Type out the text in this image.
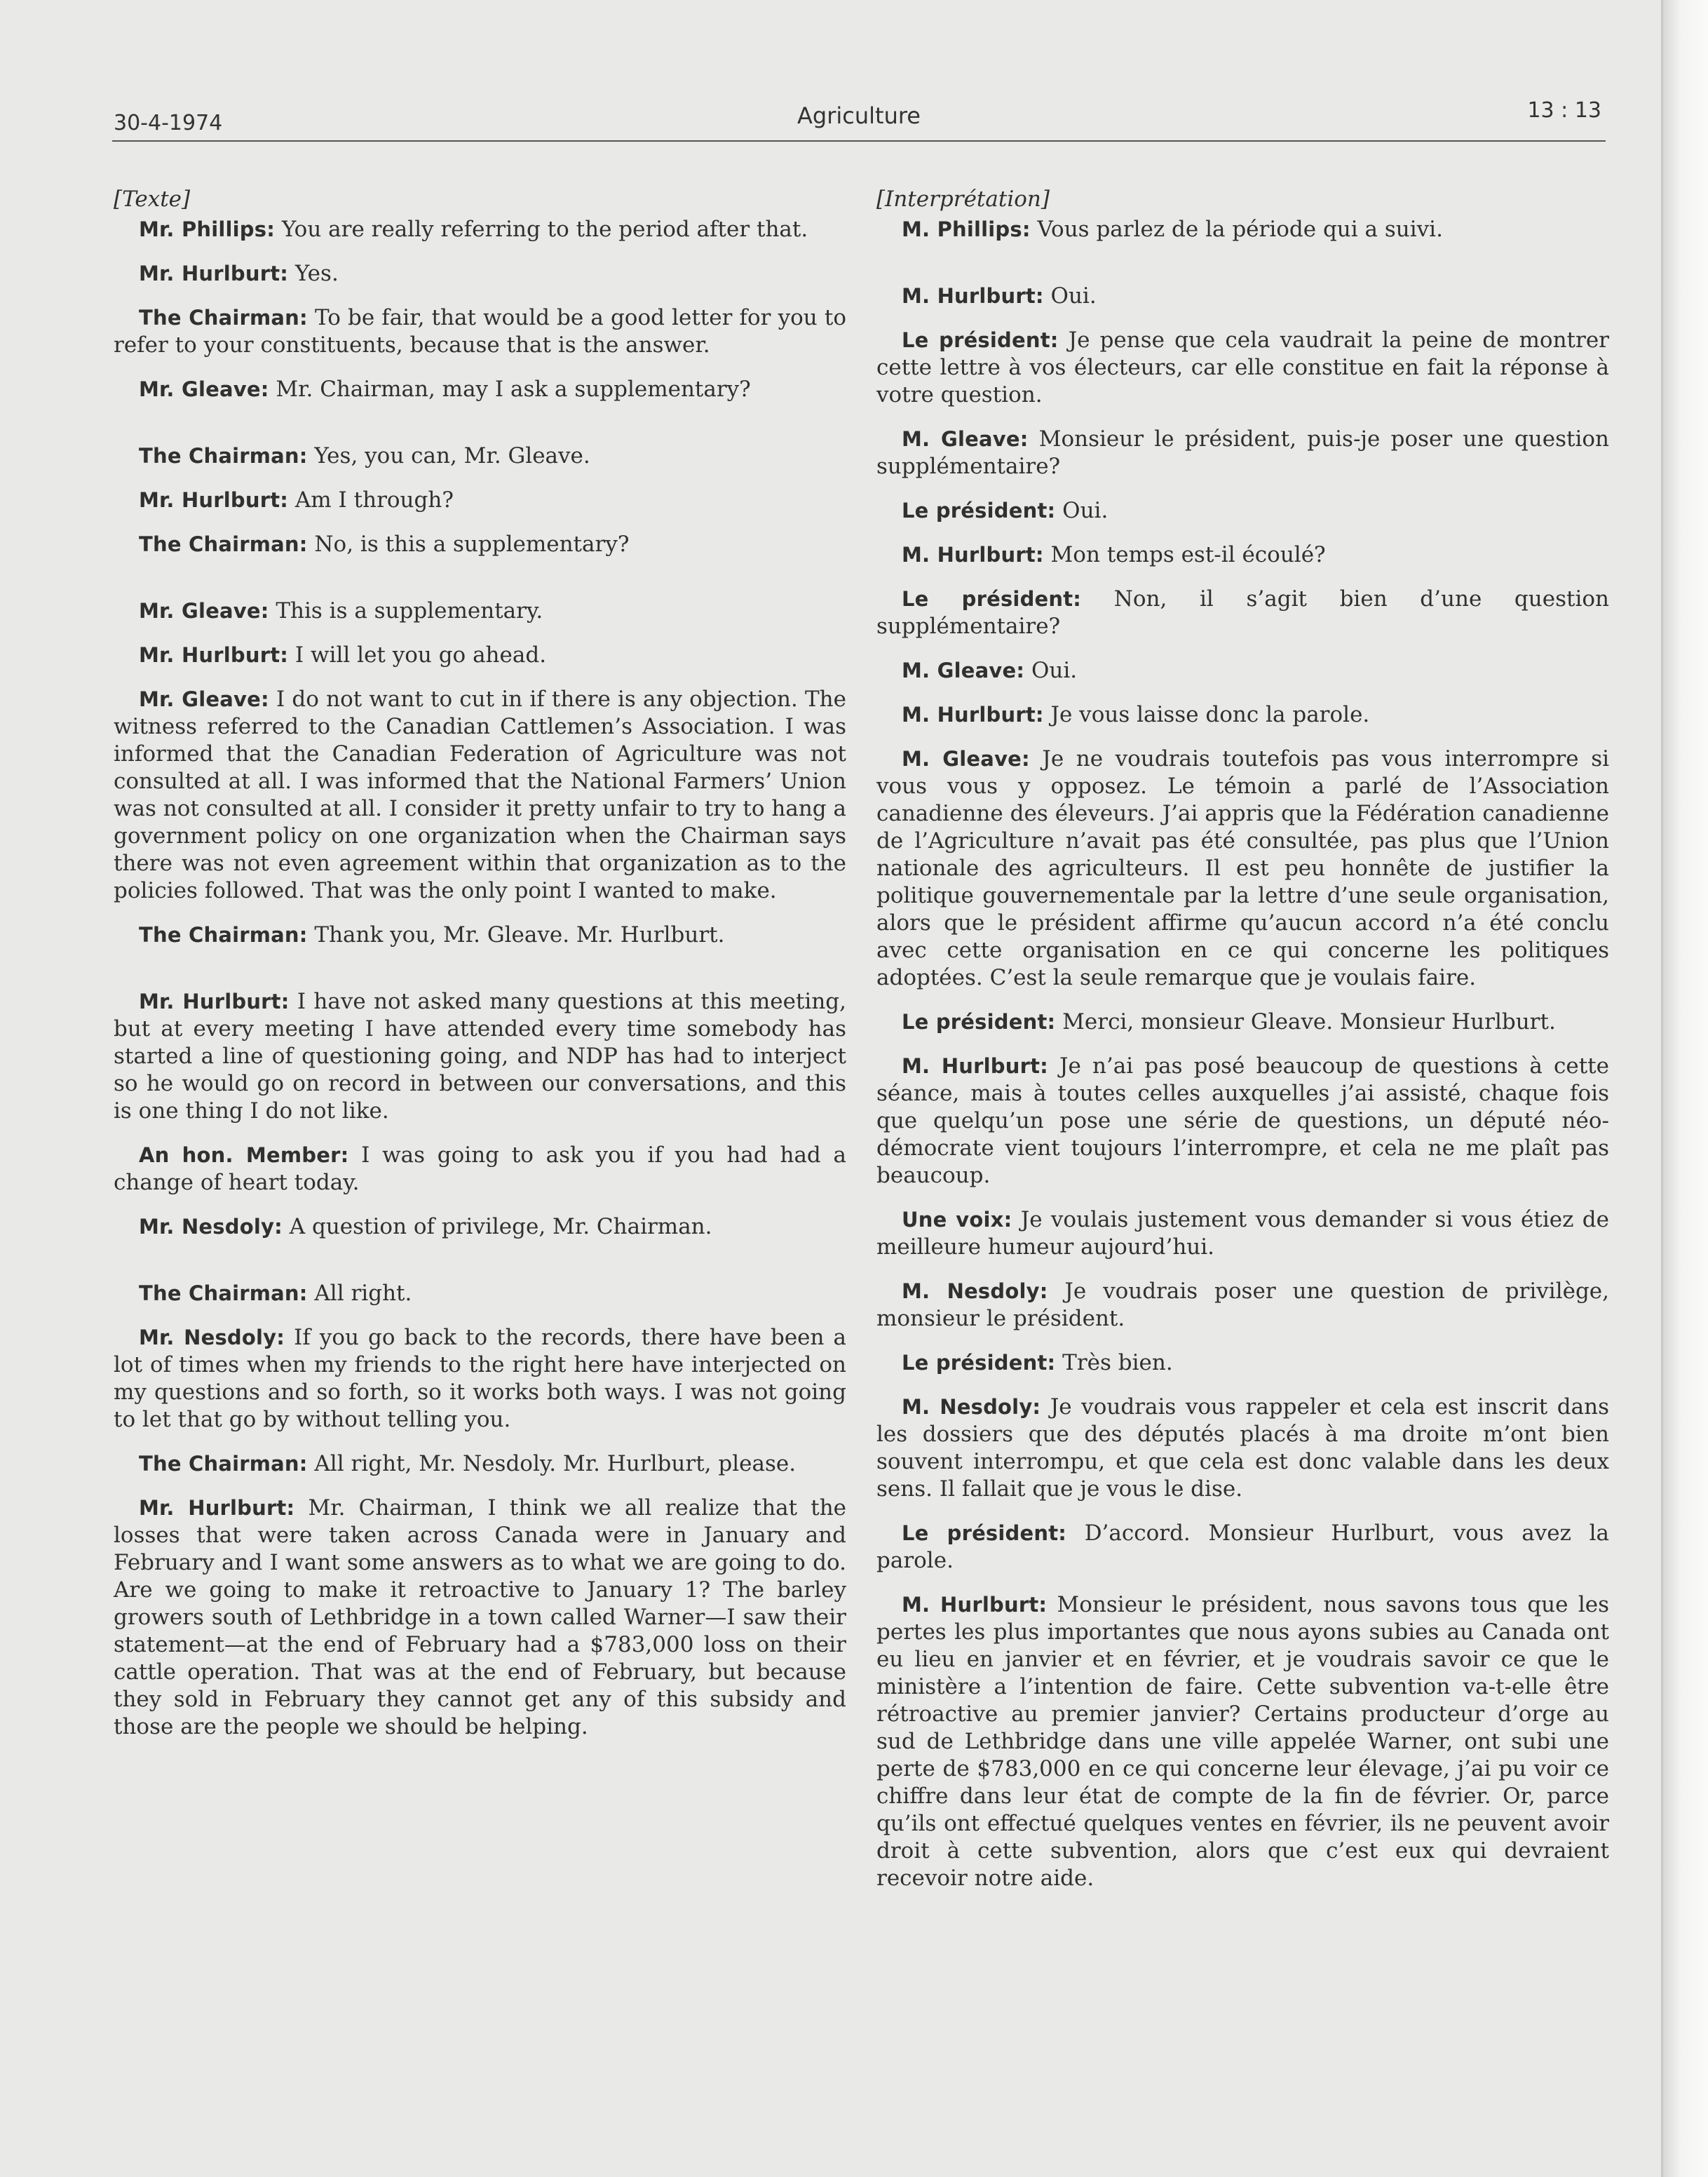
30-4-1974	Agriculture	13 : 13
[Texte]

Mr. Phillips: You are really referring to the period after that.

Mr. Hurlburt: Yes.

The Chairman: To be fair, that would be a good letter for you to refer to your constituents, because that is the answer.

Mr. Gleave: Mr. Chairman, may I ask a supplementary?

The Chairman: Yes, you can, Mr. Gleave.

Mr. Hurlburt: Am I through?

The Chairman: No, is this a supplementary?

Mr. Gleave: This is a supplementary.

Mr. Hurlburt: I will let you go ahead.

Mr. Gleave: I do not want to cut in if there is any objection. The witness referred to the Canadian Cattlemen’s Association. I was informed that the Canadian Federation of Agriculture was not consulted at all. I was informed that the National Farmers’ Union was not consulted at all. I consider it pretty unfair to try to hang a government policy on one organization when the Chairman says there was not even agreement within that organization as to the policies followed. That was the only point I wanted to make.

The Chairman: Thank you, Mr. Gleave. Mr. Hurlburt.

Mr. Hurlburt: I have not asked many questions at this meeting, but at every meeting I have attended every time somebody has started a line of questioning going, and NDP has had to interject so he would go on record in between our conversations, and this is one thing I do not like.

An hon. Member: I was going to ask you if you had had a change of heart today.

Mr. Nesdoly: A question of privilege, Mr. Chairman.

The Chairman: All right.

Mr. Nesdoly: If you go back to the records, there have been a lot of times when my friends to the right here have interjected on my questions and so forth, so it works both ways. I was not going to let that go by without telling you.

The Chairman: All right, Mr. Nesdoly. Mr. Hurlburt, please.

Mr. Hurlburt: Mr. Chairman, I think we all realize that the losses that were taken across Canada were in January and February and I want some answers as to what we are going to do. Are we going to make it retroactive to January 1? The barley growers south of Lethbridge in a town called Warner—I saw their statement—at the end of February had a $783,000 loss on their cattle operation. That was at the end of February, but because they sold in February they cannot get any of this subsidy and those are the people we should be helping.

[Interprétation]

M. Phillips: Vous parlez de la période qui a suivi.

M. Hurlburt: Oui.

Le président: Je pense que cela vaudrait la peine de montrer cette lettre à vos électeurs, car elle constitue en fait la réponse à votre question.

M. Gleave: Monsieur le président, puis-je poser une question supplémentaire?

Le président: Oui.

M. Hurlburt: Mon temps est-il écoulé?

Le président: Non, il s’agit bien d’une question supplémentaire?

M. Gleave: Oui.

M. Hurlburt: Je vous laisse donc la parole.

M. Gleave: Je ne voudrais toutefois pas vous interrompre si vous vous y opposez. Le témoin a parlé de l’Association canadienne des éleveurs. J’ai appris que la Fédération canadienne de l’Agriculture n’avait pas été consultée, pas plus que l’Union nationale des agriculteurs. Il est peu honnête de justifier la politique gouvernementale par la lettre d’une seule organisation, alors que le président affirme qu’aucun accord n’a été conclu avec cette organisation en ce qui concerne les politiques adoptées. C’est la seule remarque que je voulais faire.

Le président: Merci, monsieur Gleave. Monsieur Hurlburt.

M. Hurlburt: Je n’ai pas posé beaucoup de questions à cette séance, mais à toutes celles auxquelles j’ai assisté, chaque fois que quelqu’un pose une série de questions, un député néo-démocrate vient toujours l’interrompre, et cela ne me plaît pas beaucoup.

Une voix: Je voulais justement vous demander si vous étiez de meilleure humeur aujourd’hui.

M. Nesdoly: Je voudrais poser une question de privilège, monsieur le président.

Le président: Très bien.

M. Nesdoly: Je voudrais vous rappeler et cela est inscrit dans les dossiers que des députés placés à ma droite m’ont bien souvent interrompu, et que cela est donc valable dans les deux sens. Il fallait que je vous le dise.

Le président: D’accord. Monsieur Hurlburt, vous avez la parole.

M. Hurlburt: Monsieur le président, nous savons tous que les pertes les plus importantes que nous ayons subies au Canada ont eu lieu en janvier et en février, et je voudrais savoir ce que le ministère a l’intention de faire. Cette subvention va-t-elle être rétroactive au premier janvier? Certains producteur d’orge au sud de Lethbridge dans une ville appelée Warner, ont subi une perte de $783,000 en ce qui concerne leur élevage, j’ai pu voir ce chiffre dans leur état de compte de la fin de février. Or, parce qu’ils ont effectué quelques ventes en février, ils ne peuvent avoir droit à cette subvention, alors que c’est eux qui devraient recevoir notre aide.
